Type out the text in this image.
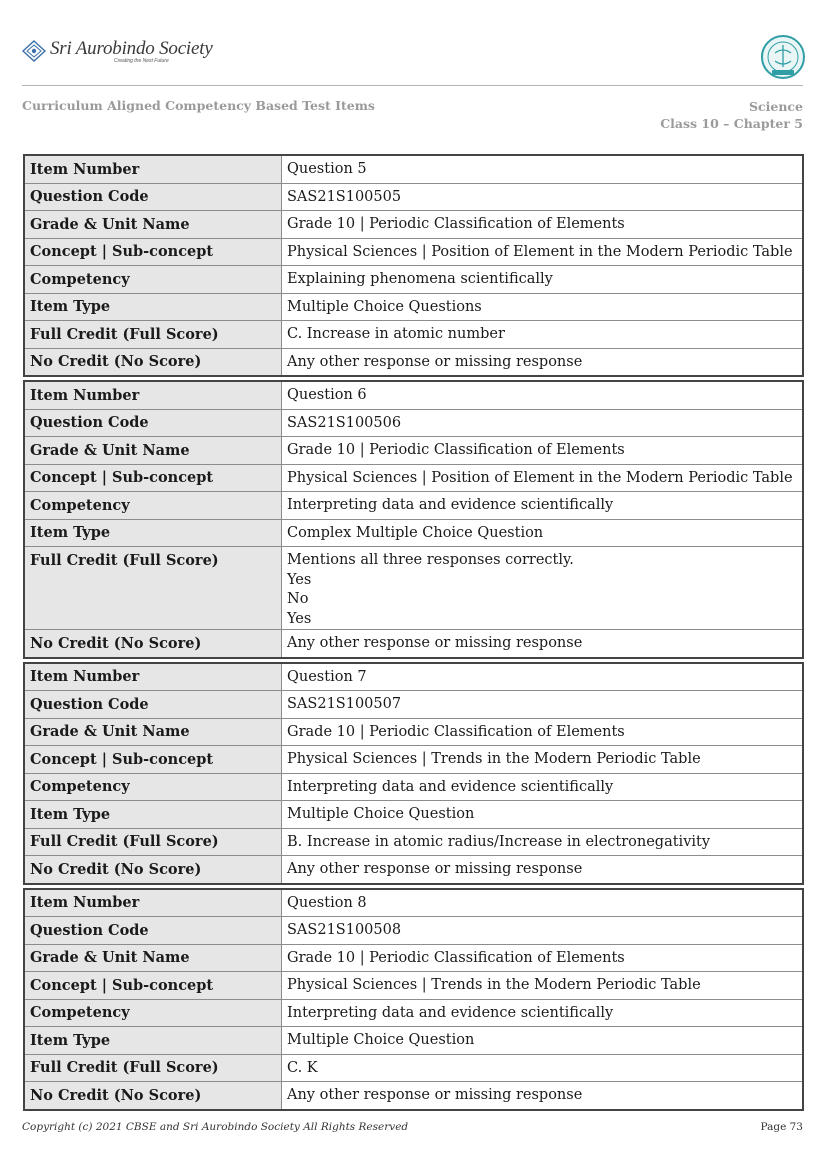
Sri Aurobindo Society
Creating the Next Future
Curriculum Aligned Competency Based Test Items	Science
Class 10 – Chapter 5
Item Number	Question 5
Question Code	SAS21S100505
Grade & Unit Name	Grade 10 | Periodic Classification of Elements
Concept | Sub-concept	Physical Sciences | Position of Element in the Modern Periodic Table
Competency	Explaining phenomena scientifically
Item Type	Multiple Choice Questions
Full Credit (Full Score)	C. Increase in atomic number
No Credit (No Score)	Any other response or missing response
Item Number	Question 6
Question Code	SAS21S100506
Grade & Unit Name	Grade 10 | Periodic Classification of Elements
Concept | Sub-concept	Physical Sciences | Position of Element in the Modern Periodic Table
Competency	Interpreting data and evidence scientifically
Item Type	Complex Multiple Choice Question
Full Credit (Full Score)	Mentions all three responses correctly.
Yes
No
Yes

No Credit (No Score)	Any other response or missing response
Item Number	Question 7
Question Code	SAS21S100507
Grade & Unit Name	Grade 10 | Periodic Classification of Elements
Concept | Sub-concept	Physical Sciences | Trends in the Modern Periodic Table
Competency	Interpreting data and evidence scientifically
Item Type	Multiple Choice Question
Full Credit (Full Score)	B. Increase in atomic radius/Increase in electronegativity
No Credit (No Score)	Any other response or missing response
Item Number	Question 8
Question Code	SAS21S100508
Grade & Unit Name	Grade 10 | Periodic Classification of Elements
Concept | Sub-concept	Physical Sciences | Trends in the Modern Periodic Table
Competency	Interpreting data and evidence scientifically
Item Type	Multiple Choice Question
Full Credit (Full Score)	C. K
No Credit (No Score)	Any other response or missing response
Copyright (c) 2021 CBSE and Sri Aurobindo Society All Rights Reserved	Page 73
